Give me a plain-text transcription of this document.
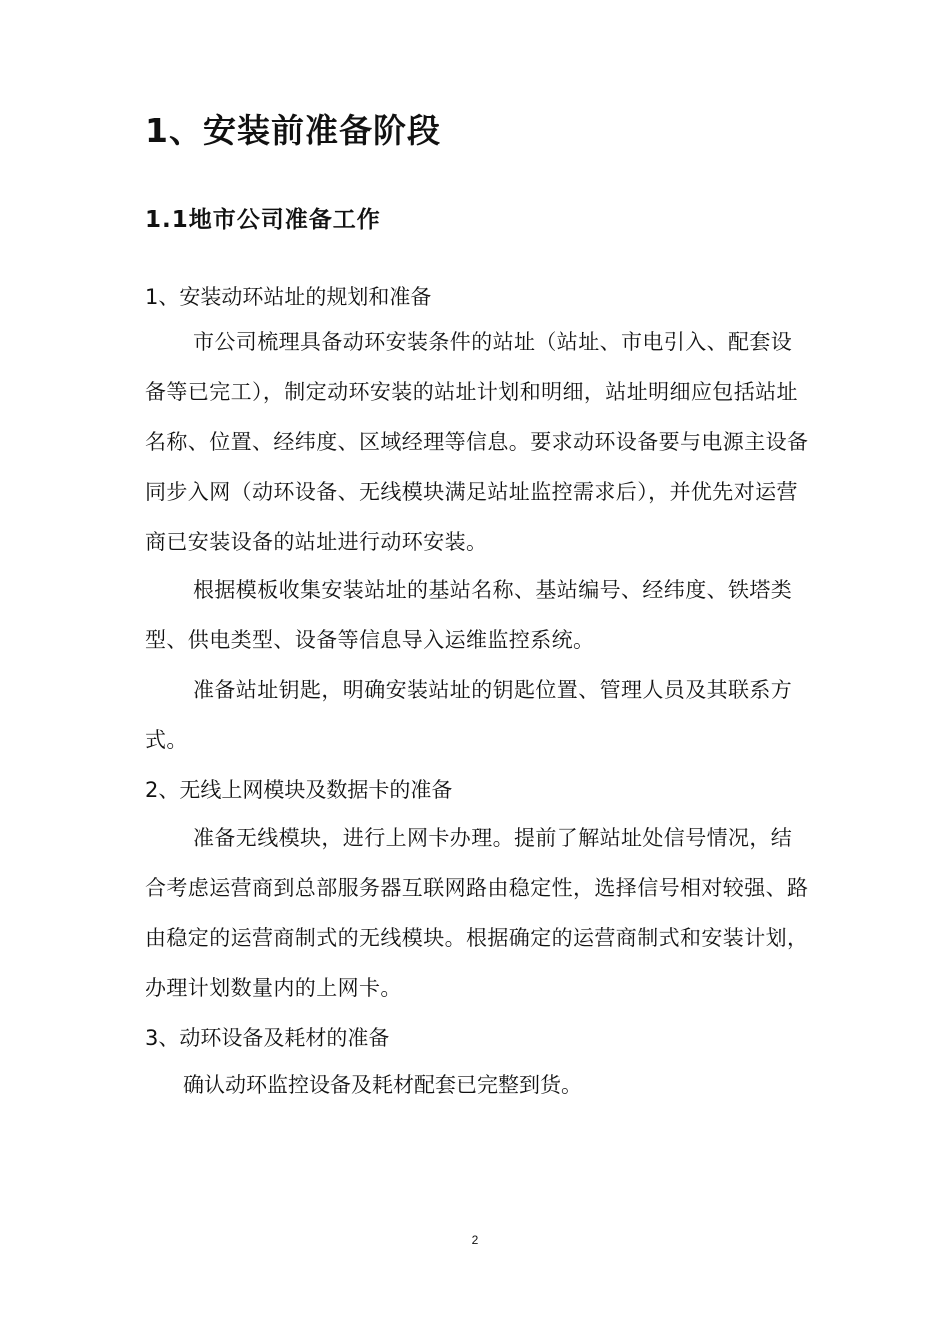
1、安装前准备阶段
1.1地市公司准备工作
1、安装动环站址的规划和准备

市公司梳理具备动环安装条件的站址（站址、市电引入、配套设备等已完工），制定动环安装的站址计划和明细，站址明细应包括站址名称、位置、经纬度、区域经理等信息。要求动环设备要与电源主设备同步入网（动环设备、无线模块满足站址监控需求后），并优先对运营商已安装设备的站址进行动环安装。

根据模板收集安装站址的基站名称、基站编号、经纬度、铁塔类型、供电类型、设备等信息导入运维监控系统。

准备站址钥匙，明确安装站址的钥匙位置、管理人员及其联系方式。

2、无线上网模块及数据卡的准备

准备无线模块，进行上网卡办理。提前了解站址处信号情况，结合考虑运营商到总部服务器互联网路由稳定性，选择信号相对较强、路由稳定的运营商制式的无线模块。根据确定的运营商制式和安装计划，办理计划数量内的上网卡。

3、动环设备及耗材的准备

确认动环监控设备及耗材配套已完整到货。

2
